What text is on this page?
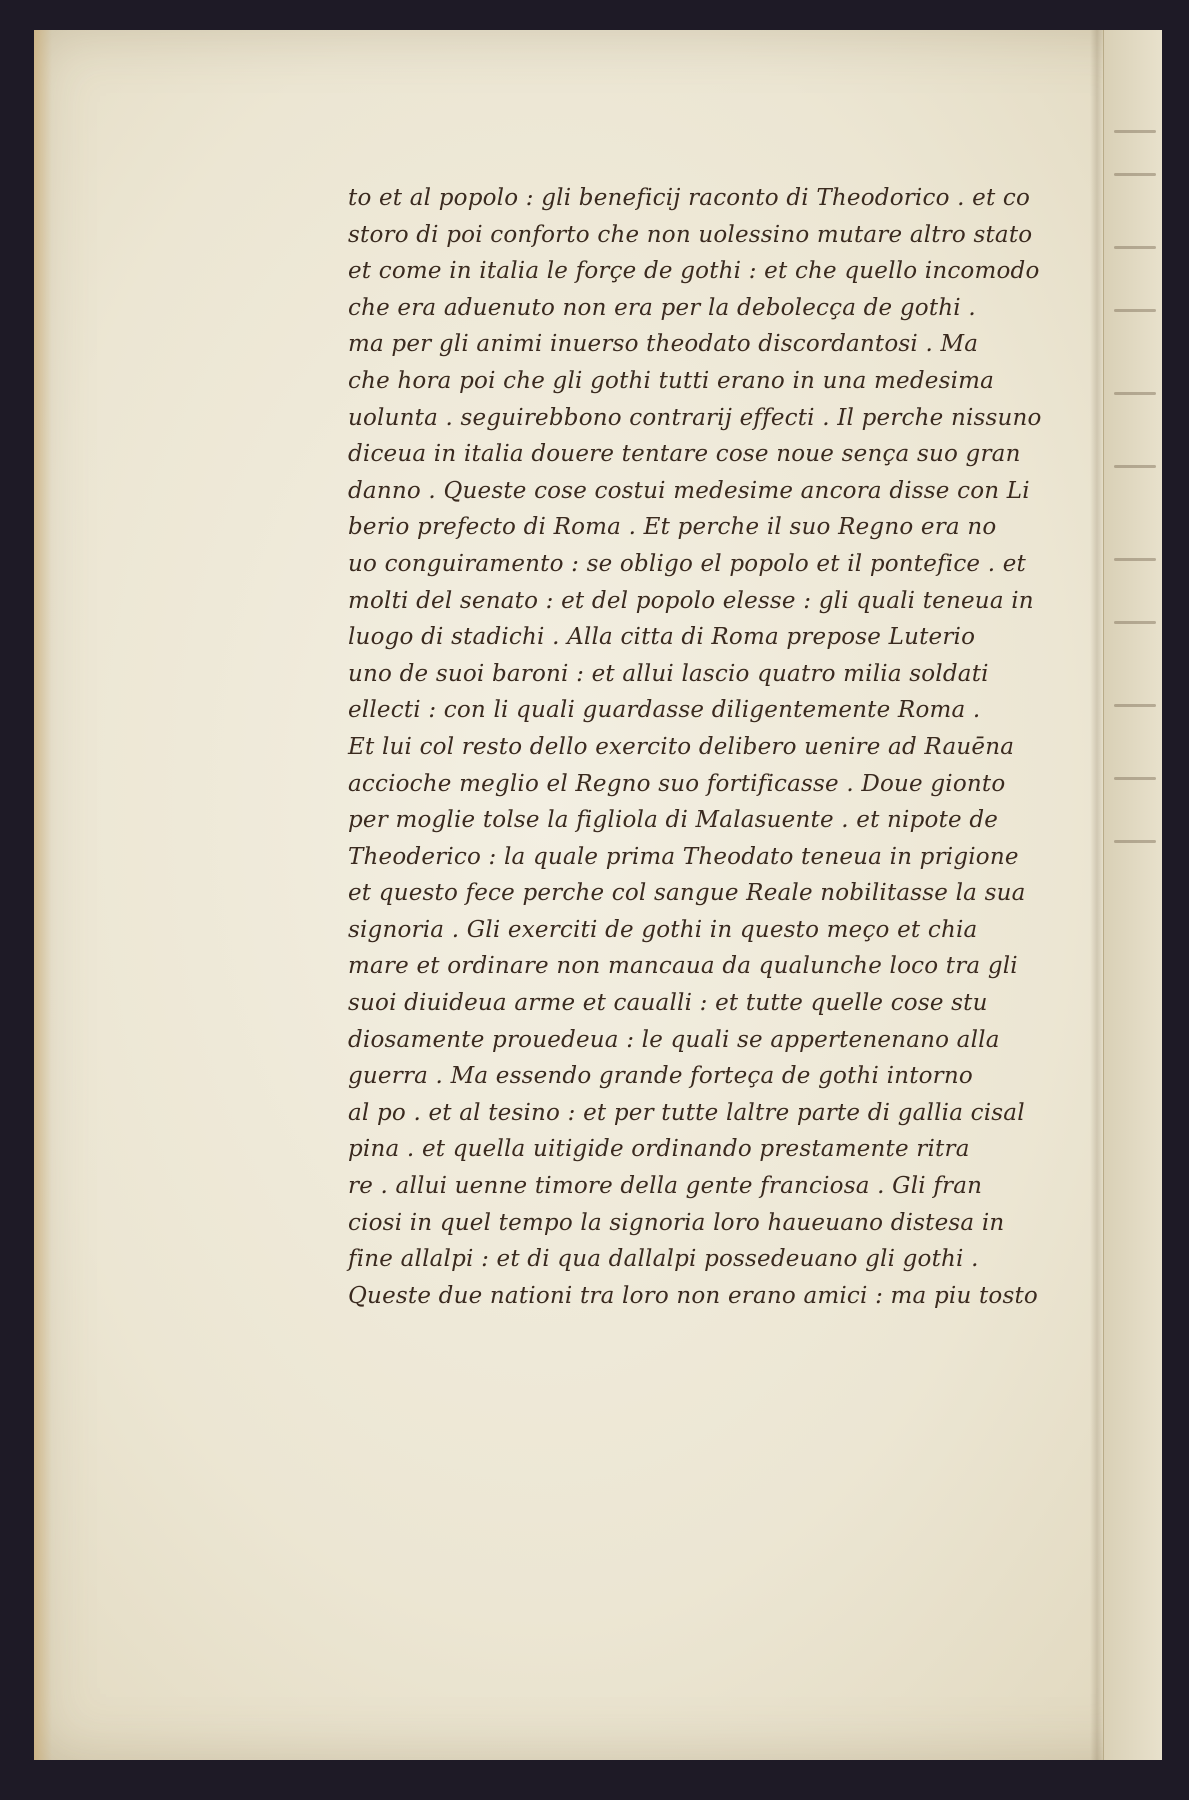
to et al popolo : gli beneficij raconto di Theodorico . et co
storo di poi conforto che non uolessino mutare altro stato
et come in italia le forçe de gothi : et che quello incomodo
che era aduenuto non era per la debolecça de gothi .
ma per gli animi inuerso theodato discordantosi . Ma
che hora poi che gli gothi tutti erano in una medesima
uolunta . seguirebbono contrarij effecti . Il perche nissuno
diceua in italia douere tentare cose noue sença suo gran
danno . Queste cose costui medesime ancora disse con Li
berio prefecto di Roma . Et perche il suo Regno era no
uo conguiramento : se obligo el popolo et il pontefice . et
molti del senato : et del popolo elesse : gli quali teneua in
luogo di stadichi . Alla citta di Roma prepose Luterio
uno de suoi baroni : et allui lascio quatro milia soldati
ellecti : con li quali guardasse diligentemente Roma .
Et lui col resto dello exercito delibero uenire ad Rauēna
accioche meglio el Regno suo fortificasse . Doue gionto
per moglie tolse la figliola di Malasuente . et nipote de
Theoderico : la quale prima Theodato teneua in prigione
et questo fece perche col sangue Reale nobilitasse la sua
signoria . Gli exerciti de gothi in questo meço et chia
mare et ordinare non mancaua da qualunche loco tra gli
suoi diuideua arme et caualli : et tutte quelle cose stu
diosamente prouedeua : le quali se appertenenano alla
guerra . Ma essendo grande forteça de gothi intorno
al po . et al tesino : et per tutte laltre parte di gallia cisal
pina . et quella uitigide ordinando prestamente ritra
re . allui uenne timore della gente franciosa . Gli fran
ciosi in quel tempo la signoria loro haueuano distesa in
fine allalpi : et di qua dallalpi possedeuano gli gothi .
Queste due nationi tra loro non erano amici : ma piu tosto
